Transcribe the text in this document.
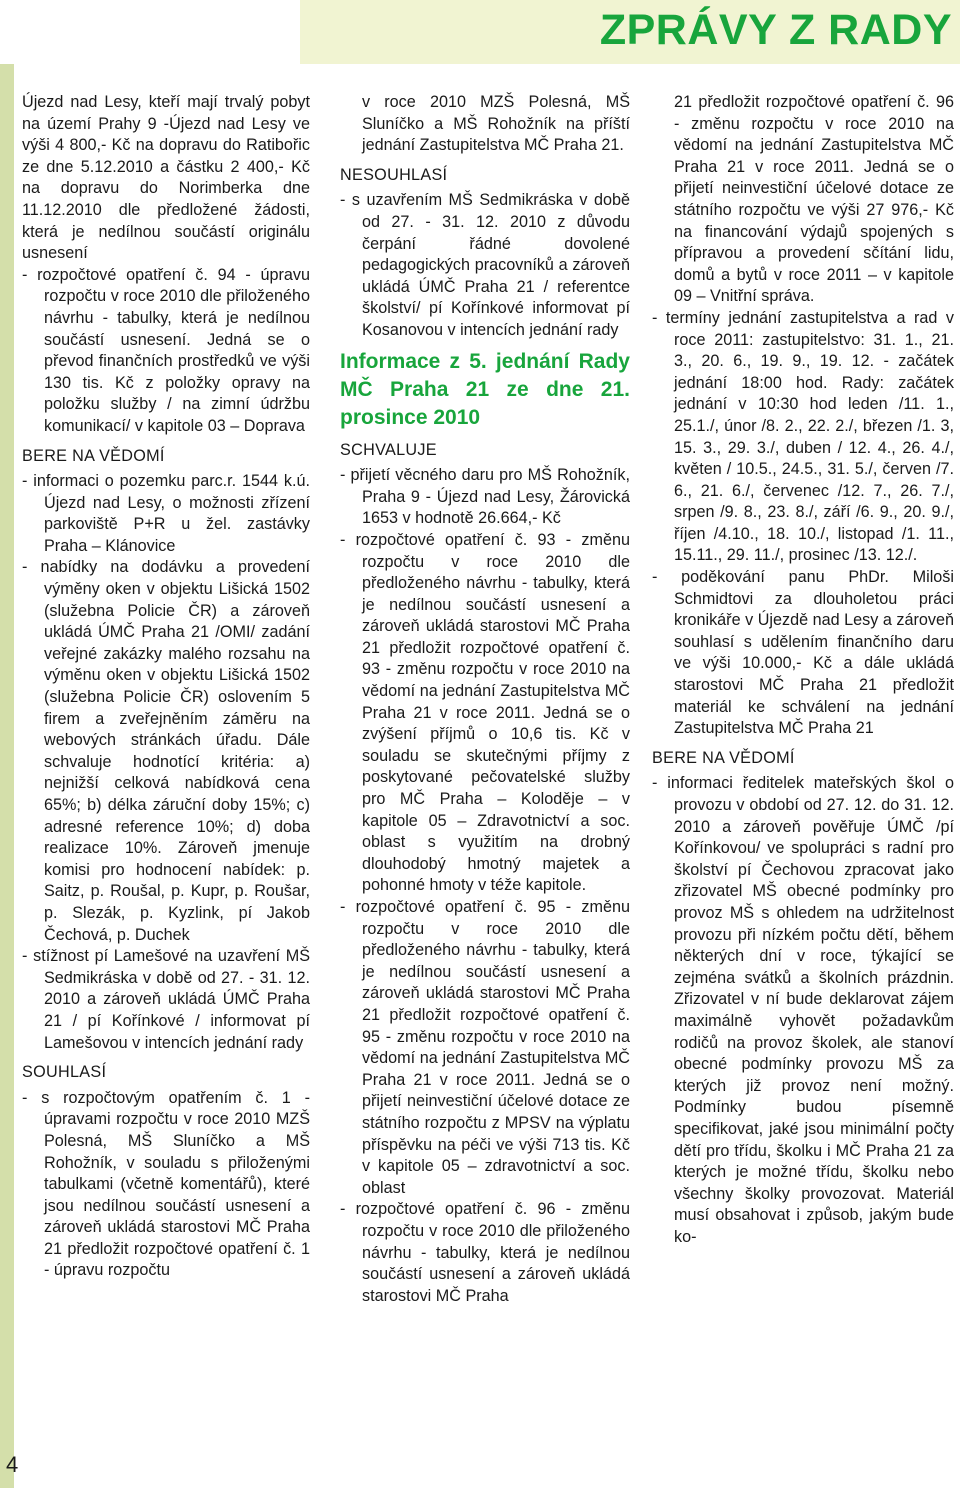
ZPRÁVY Z RADY

Újezd nad Lesy, kteří mají trvalý pobyt na území Prahy 9 -Újezd nad Lesy ve výši 4 800,- Kč na dopravu do Ratibořic ze dne 5.12.2010 a částku 2 400,- Kč na dopravu do Norimberka dne 11.12.2010 dle předložené žádosti, která je nedílnou součástí originálu usnesení

- rozpočtové opatření č. 94 - úpravu rozpočtu v roce 2010 dle přiloženého návrhu - tabulky, která je nedílnou součástí usnesení. Jedná se o převod finančních prostředků ve výši 130 tis. Kč z položky opravy na položku služby / na zimní údržbu komunikací/ v kapitole 03 – Doprava

BERE NA VĚDOMÍ

- informaci o pozemku parc.r. 1544 k.ú. Újezd nad Lesy, o možnosti zřízení parkoviště P+R u žel. zastávky Praha – Klánovice

- nabídky na dodávku a provedení výměny oken v objektu Lišická 1502 (služebna Policie ČR) a zároveň ukládá ÚMČ Praha 21 /OMI/ zadání veřejné zakázky malého rozsahu na výměnu oken v objektu Lišická 1502 (služebna Policie ČR) oslovením 5 firem a zveřejněním záměru na webových stránkách úřadu. Dále schvaluje hodnotící kritéria: a) nejnižší celková nabídková cena 65%; b) délka záruční doby 15%; c) adresné reference 10%; d) doba realizace 10%. Zároveň jmenuje komisi pro hodnocení nabídek: p. Saitz, p. Roušal, p. Kupr, p. Roušar, p. Slezák, p. Kyzlink, pí Jakob Čechová, p. Duchek

- stížnost pí Lamešové na uzavření MŠ Sedmikráska v době od 27. - 31. 12. 2010 a zároveň ukládá ÚMČ Praha 21 / pí Kořínkové / informovat pí Lamešovou v intencích jednání rady

SOUHLASÍ

- s rozpočtovým opatřením č. 1 - úpravami rozpočtu v roce 2010 MZŠ Polesná, MŠ Sluníčko a MŠ Rohožník, v souladu s přiloženými tabulkami (včetně komentářů), které jsou nedílnou součástí usnesení a zároveň ukládá starostovi MČ Praha 21 předložit rozpočtové opatření č. 1 - úpravu rozpočtu

v roce 2010 MZŠ Polesná, MŠ Sluníčko a MŠ Rohožník na příští jednání Zastupitelstva MČ Praha 21.

NESOUHLASÍ

- s uzavřením MŠ Sedmikráska v době od 27. - 31. 12. 2010 z důvodu čerpání řádné dovolené pedagogických pracovníků a zároveň ukládá ÚMČ Praha 21 / referentce školství/ pí Kořínkové informovat pí Kosanovou v intencích jednání rady

Informace z 5. jednání Rady MČ Praha 21 ze dne 21. prosince 2010

SCHVALUJE

- přijetí věcného daru pro MŠ Rohožník, Praha 9 - Újezd nad Lesy, Žárovická 1653 v hodnotě 26.664,- Kč

- rozpočtové opatření č. 93 - změnu rozpočtu v roce 2010 dle předloženého návrhu - tabulky, která je nedílnou součástí usnesení a zároveň ukládá starostovi MČ Praha 21 předložit rozpočtové opatření č. 93 - změnu rozpočtu v roce 2010 na vědomí na jednání Zastupitelstva MČ Praha 21 v roce 2011. Jedná se o zvýšení příjmů o 10,6 tis. Kč v souladu se skutečnými příjmy z poskytované pečovatelské služby pro MČ Praha – Koloděje – v kapitole 05 – Zdravotnictví a soc. oblast s využitím na drobný dlouhodobý hmotný majetek a pohonné hmoty v téže kapitole.

- rozpočtové opatření č. 95 - změnu rozpočtu v roce 2010 dle předloženého návrhu - tabulky, která je nedílnou součástí usnesení a zároveň ukládá starostovi MČ Praha 21 předložit rozpočtové opatření č. 95 - změnu rozpočtu v roce 2010 na vědomí na jednání Zastupitelstva MČ Praha 21 v roce 2011. Jedná se o přijetí neinvestiční účelové dotace ze státního rozpočtu z MPSV na výplatu příspěvku na péči ve výši 713 tis. Kč v kapitole 05 – zdravotnictví a soc. oblast

- rozpočtové opatření č. 96 - změnu rozpočtu v roce 2010 dle přiloženého návrhu - tabulky, která je nedílnou součástí usnesení a zároveň ukládá starostovi MČ Praha

21 předložit rozpočtové opatření č. 96 - změnu rozpočtu v roce 2010 na vědomí na jednání Zastupitelstva MČ Praha 21 v roce 2011. Jedná se o přijetí neinvestiční účelové dotace ze státního rozpočtu ve výši 27 976,- Kč na financování výdajů spojených s přípravou a provedení sčítání lidu, domů a bytů v roce 2011 – v kapitole 09 – Vnitřní správa.

- termíny jednání zastupitelstva a rad v roce 2011: zastupitelstvo: 31. 1., 21. 3., 20. 6., 19. 9., 19. 12. - začátek jednání 18:00 hod. Rady: začátek jednání v 10:30 hod leden /11. 1., 25.1./, únor /8. 2., 22. 2./, březen /1. 3, 15. 3., 29. 3./, duben / 12. 4., 26. 4./, květen / 10.5., 24.5., 31. 5./, červen /7. 6., 21. 6./, červenec /12. 7., 26. 7./, srpen /9. 8., 23. 8./, září /6. 9., 20. 9./, říjen /4.10., 18. 10./, listopad /1. 11., 15.11., 29. 11./, prosinec /13. 12./.

- poděkování panu PhDr. Miloši Schmidtovi za dlouholetou práci kronikáře v Újezdě nad Lesy a zároveň souhlasí s udělením finančního daru ve výši 10.000,- Kč a dále ukládá starostovi MČ Praha 21 předložit materiál ke schválení na jednání Zastupitelstva MČ Praha 21

BERE NA VĚDOMÍ

- informaci ředitelek mateřských škol o provozu v období od 27. 12. do 31. 12. 2010 a zároveň pověřuje ÚMČ /pí Kořínkovou/ ve spolupráci s radní pro školství pí Čechovou zpracovat jako zřizovatel MŠ obecné podmínky pro provoz MŠ s ohledem na udržitelnost provozu při nízkém počtu dětí, během některých dní v roce, týkající se zejména svátků a školních prázdnin. Zřizovatel v ní bude deklarovat zájem maximálně vyhovět požadavkům rodičů na provoz školek, ale stanoví obecné podmínky provozu MŠ za kterých již provoz není možný. Podmínky budou písemně specifikovat, jaké jsou minimální počty dětí pro třídu, školku i MČ Praha 21 za kterých je možné třídu, školku nebo všechny školky provozovat. Materiál musí obsahovat i způsob, jakým bude ko-

4
